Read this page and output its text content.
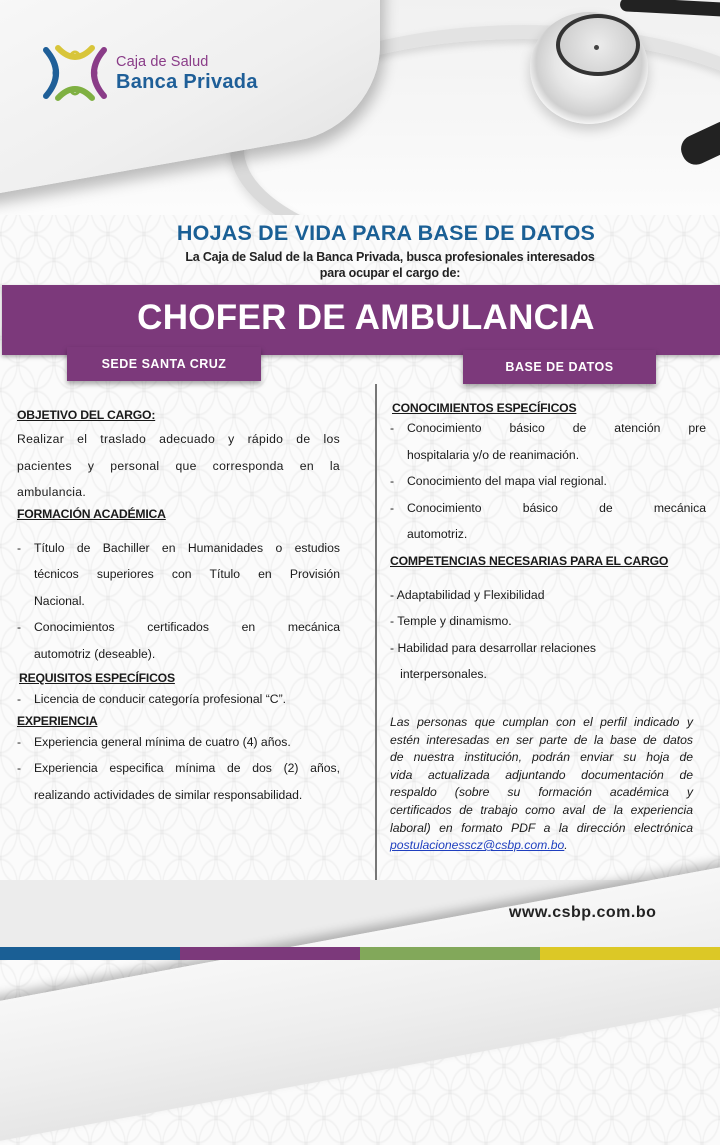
Caja de Salud
Banca Privada
HOJAS DE VIDA PARA BASE DE DATOS
La Caja de Salud de la Banca Privada, busca profesionales interesados
para ocupar el cargo de:
CHOFER DE AMBULANCIA
SEDE SANTA CRUZ	BASE DE DATOS
OBJETIVO DEL CARGO:
Realizar el traslado adecuado y rápido de los
pacientes y personal que corresponda en la
ambulancia.
FORMACIÓN ACADÉMICA
- Título de Bachiller en Humanidades o estudios
técnicos superiores con Título en Provisión
Nacional.
- Conocimientos certificados en mecánica
automotriz (deseable).
REQUISITOS ESPECÍFICOS
- Licencia de conducir categoría profesional “C”.
EXPERIENCIA
- Experiencia general mínima de cuatro (4) años.
- Experiencia especifica mínima de dos (2) años,
realizando actividades de similar responsabilidad.
CONOCIMIENTOS ESPECÍFICOS
- Conocimiento básico de atención pre
hospitalaria y/o de reanimación.
- Conocimiento del mapa vial regional.
- Conocimiento básico de mecánica
automotriz.
COMPETENCIAS NECESARIAS PARA EL CARGO
- Adaptabilidad y Flexibilidad
- Temple y dinamismo.
- Habilidad para desarrollar relaciones
interpersonales.
Las personas que cumplan con el perfil indicado y
estén interesadas en ser parte de la base de datos
de nuestra institución, podrán enviar su hoja de
vida actualizada adjuntando documentación de
respaldo (sobre su formación académica y
certificados de trabajo como aval de la experiencia
laboral) en formato PDF a la dirección electrónica
postulacionesscz@csbp.com.bo.
www.csbp.com.bo
